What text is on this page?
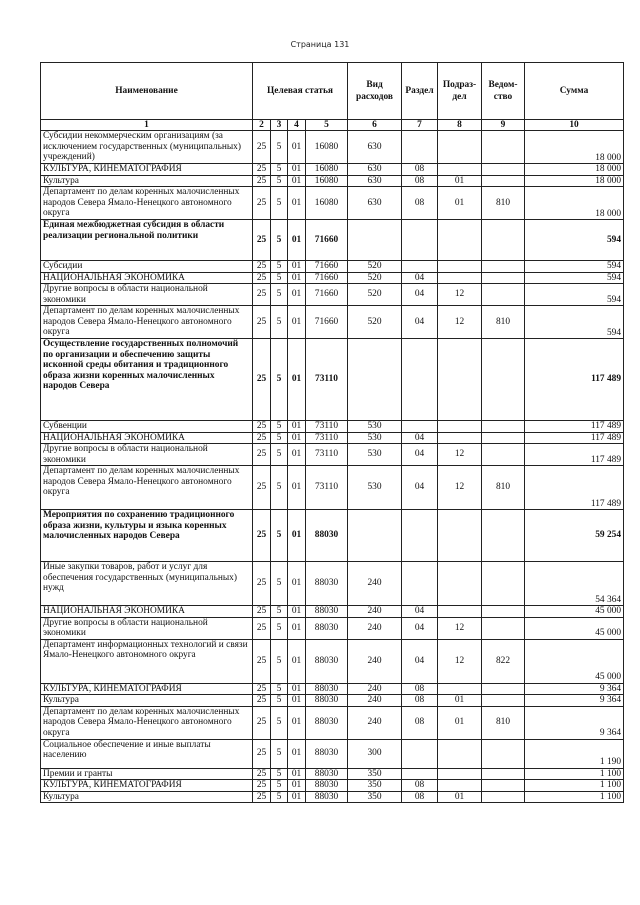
Страница 131
Наименование	Целевая статья				Вид расходов	Раздел	Подраз-дел	Ведом-ство	Сумма
1	2	3	4	5	6	7	8	9	10
Субсидии некоммерческим организациям (за исключением государственных (муниципальных) учреждений)	25	5	01	16080	630				18 000
КУЛЬТУРА, КИНЕМАТОГРАФИЯ	25	5	01	16080	630	08			18 000
Культура	25	5	01	16080	630	08	01		18 000
Департамент по делам коренных малочисленных народов Севера Ямало-Ненецкого автономного округа	25	5	01	16080	630	08	01	810	18 000
Единая межбюджетная субсидия в области реализации региональной политики	25	5	01	71660					594
Субсидии	25	5	01	71660	520				594
НАЦИОНАЛЬНАЯ ЭКОНОМИКА	25	5	01	71660	520	04			594
Другие вопросы в области национальной экономики	25	5	01	71660	520	04	12		594
Департамент по делам коренных малочисленных народов Севера Ямало-Ненецкого автономного округа	25	5	01	71660	520	04	12	810	594
Осуществление государственных полномочий по организации и обеспечению защиты исконной среды обитания и традиционного образа жизни коренных малочисленных народов Севера	25	5	01	73110					117 489
Субвенции	25	5	01	73110	530				117 489
НАЦИОНАЛЬНАЯ ЭКОНОМИКА	25	5	01	73110	530	04			117 489
Другие вопросы в области национальной экономики	25	5	01	73110	530	04	12		117 489
Департамент по делам коренных малочисленных народов Севера Ямало-Ненецкого автономного округа	25	5	01	73110	530	04	12	810	117 489
Мероприятия по сохранению традиционного образа жизни, культуры и языка коренных малочисленных народов Севера	25	5	01	88030					59 254
Иные закупки товаров, работ и услуг для обеспечения государственных (муниципальных) нужд	25	5	01	88030	240				54 364
НАЦИОНАЛЬНАЯ ЭКОНОМИКА	25	5	01	88030	240	04			45 000
Другие вопросы в области национальной экономики	25	5	01	88030	240	04	12		45 000
Департамент информационных технологий и связи Ямало-Ненецкого автономного округа	25	5	01	88030	240	04	12	822	45 000
КУЛЬТУРА, КИНЕМАТОГРАФИЯ	25	5	01	88030	240	08			9 364
Культура	25	5	01	88030	240	08	01		9 364
Департамент по делам коренных малочисленных народов Севера Ямало-Ненецкого автономного округа	25	5	01	88030	240	08	01	810	9 364
Социальное обеспечение и иные выплаты населению	25	5	01	88030	300				1 190
Премии и гранты	25	5	01	88030	350				1 100
КУЛЬТУРА, КИНЕМАТОГРАФИЯ	25	5	01	88030	350	08			1 100
Культура	25	5	01	88030	350	08	01		1 100
